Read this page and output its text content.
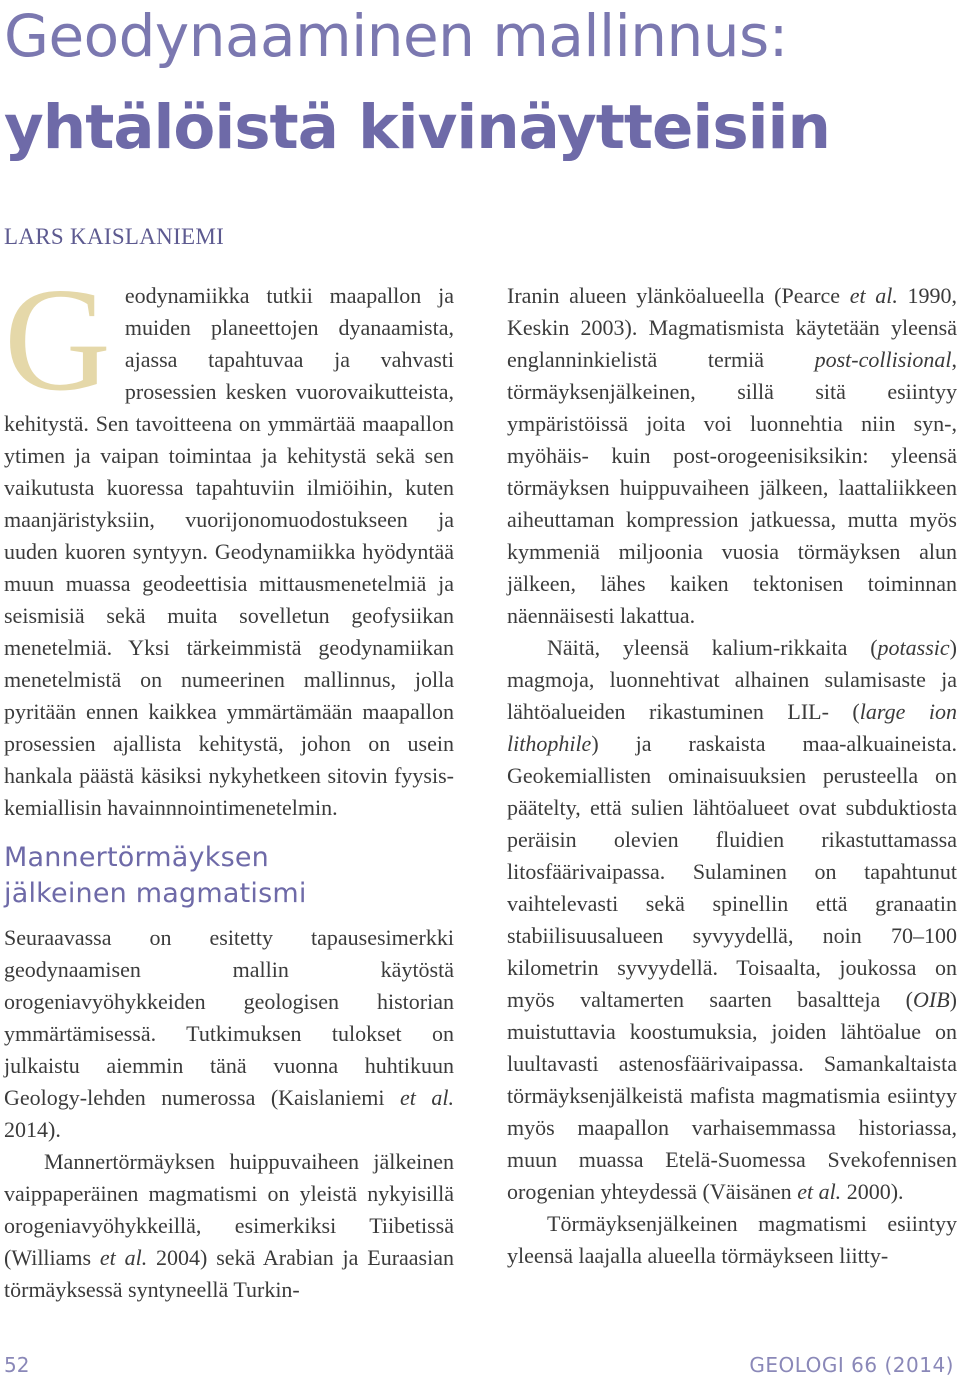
Geodynaaminen mallinnus:
yhtälöistä kivinäytteisiin
LARS KAISLANIEMI

Geodynamiikka tutkii maapallon ja muiden planeettojen dyanaamista, ajassa tapahtuvaa ja vahvasti prosessien kesken vuorovaikutteista, kehitystä. Sen tavoitteena on ymmärtää maapallon ytimen ja vaipan toimintaa ja kehitystä sekä sen vaikutusta kuoressa tapahtuviin ilmiöihin, kuten maanjäristyksiin, vuorijonomuodostukseen ja uuden kuoren syntyyn. Geodynamiikka hyödyntää muun muassa geodeettisia mittausmenetelmiä ja seismisiä sekä muita sovelletun geofysiikan menetelmiä. Yksi tärkeimmistä geodynamiikan menetelmistä on numeerinen mallinnus, jolla pyritään ennen kaikkea ymmärtämään maapallon prosessien ajallista kehitystä, johon on usein hankala päästä käsiksi nykyhetkeen sitovin fyysis-kemiallisin havainnnointimenetelmin.

Mannertörmäyksen
jälkeinen magmatismi

Seuraavassa on esitetty tapausesimerkki geodynaamisen mallin käytöstä orogeniavyöhykkeiden geologisen historian ymmärtämisessä. Tutkimuksen tulokset on julkaistu aiemmin tänä vuonna huhtikuun Geology-lehden numerossa (Kaislaniemi et al. 2014).

Mannertörmäyksen huippuvaiheen jälkeinen vaippaperäinen magmatismi on yleistä nykyisillä orogeniavyöhykkeillä, esimerkiksi Tiibetissä (Williams et al. 2004) sekä Arabian ja Euraasian törmäyksessä syntyneellä Turkin-

Iranin alueen ylänköalueella (Pearce et al. 1990, Keskin 2003). Magmatismista käytetään yleensä englanninkielistä termiä post-collisional, törmäyksenjälkeinen, sillä sitä esiintyy ympäristöissä joita voi luonnehtia niin syn-, myöhäis- kuin post-orogeenisiksikin: yleensä törmäyksen huippuvaiheen jälkeen, laattaliikkeen aiheuttaman kompression jatkuessa, mutta myös kymmeniä miljoonia vuosia törmäyksen alun jälkeen, lähes kaiken tektonisen toiminnan näennäisesti lakattua.

Näitä, yleensä kalium-rikkaita (potassic) magmoja, luonnehtivat alhainen sulamisaste ja lähtöalueiden rikastuminen LIL- (large ion lithophile) ja raskaista maa-alkuaineista. Geokemiallisten ominaisuuksien perusteella on päätelty, että sulien lähtöalueet ovat subduktiosta peräisin olevien fluidien rikastuttamassa litosfäärivaipassa. Sulaminen on tapahtunut vaihtelevasti sekä spinellin että granaatin stabiilisuusalueen syvyydellä, noin 70–100 kilometrin syvyydellä. Toisaalta, joukossa on myös valtamerten saarten basaltteja (OIB) muistuttavia koostumuksia, joiden lähtöalue on luultavasti astenosfäärivaipassa. Samankaltaista törmäyksenjälkeistä mafista magmatismia esiintyy myös maapallon varhaisemmassa historiassa, muun muassa Etelä-Suomessa Svekofennisen orogenian yhteydessä (Väisänen et al. 2000).

Törmäyksenjälkeinen magmatismi esiintyy yleensä laajalla alueella törmäykseen liitty-

52	GEOLOGI 66 (2014)
